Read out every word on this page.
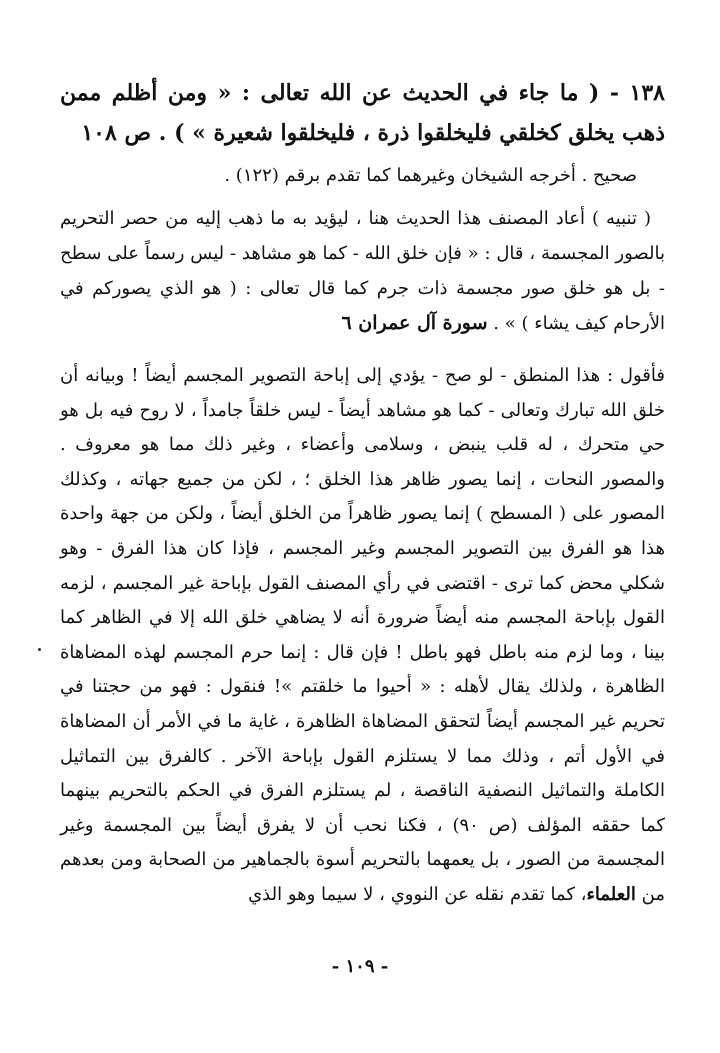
١٣٨ - ( ما جاء في الحديث عن الله تعالى : « ومن أظلم ممن ذهب يخلق كخلقي فليخلقوا ذرة ، فليخلقوا شعيرة » ) . ص ١٠٨

صحيح . أخرجه الشيخان وغيرهما كما تقدم برقم (١٢٢) .

( تنبيه ) أعاد المصنف هذا الحديث هنا ، ليؤيد به ما ذهب إليه من حصر التحريم بالصور المجسمة ، قال : « فإن خلق الله - كما هو مشاهد - ليس رسماً على سطح - بل هو خلق صور مجسمة ذات جرم كما قال تعالى : ( هو الذي يصوركم في الأرحام كيف يشاء ) » . سورة آل عمران ٦

فأقول : هذا المنطق - لو صح - يؤدي إلى إباحة التصوير المجسم أيضاً ! وبيانه أن خلق الله تبارك وتعالى - كما هو مشاهد أيضاً - ليس خلقاً جامداً ، لا روح فيه بل هو حي متحرك ، له قلب ينبض ، وسلامى وأعضاء ، وغير ذلك مما هو معروف . والمصور النحات ، إنما يصور ظاهر هذا الخلق ؛ ، لكن من جميع جهاته ، وكذلك المصور على ( المسطح ) إنما يصور ظاهراً من الخلق أيضاً ، ولكن من جهة واحدة هذا هو الفرق بين التصوير المجسم وغير المجسم ، فإذا كان هذا الفرق - وهو شكلي محض كما ترى - اقتضى في رأي المصنف القول بإباحة غير المجسم ، لزمه القول بإباحة المجسم منه أيضاً ضرورة أنه لا يضاهي خلق الله إلا في الظاهر كما بينا ، وما لزم منه باطل فهو باطل ! فإن قال : إنما حرم المجسم لهذه المضاهاة الظاهرة ، ولذلك يقال لأهله : « أحيوا ما خلقتم »! فنقول : فهو من حجتنا في تحريم غير المجسم أيضاً لتحقق المضاهاة الظاهرة ، غاية ما في الأمر أن المضاهاة في الأول أتم ، وذلك مما لا يستلزم القول بإباحة الآخر . كالفرق بين التماثيل الكاملة والتماثيل النصفية الناقصة ، لم يستلزم الفرق في الحكم بالتحريم بينهما كما حققه المؤلف (ص ٩٠) ، فكنا نحب أن لا يفرق أيضاً بين المجسمة وغير المجسمة من الصور ، بل يعمهما بالتحريم أسوة بالجماهير من الصحابة ومن بعدهم من العلماء، كما تقدم نقله عن النووي ، لا سيما وهو الذي

- ١٠٩ -
